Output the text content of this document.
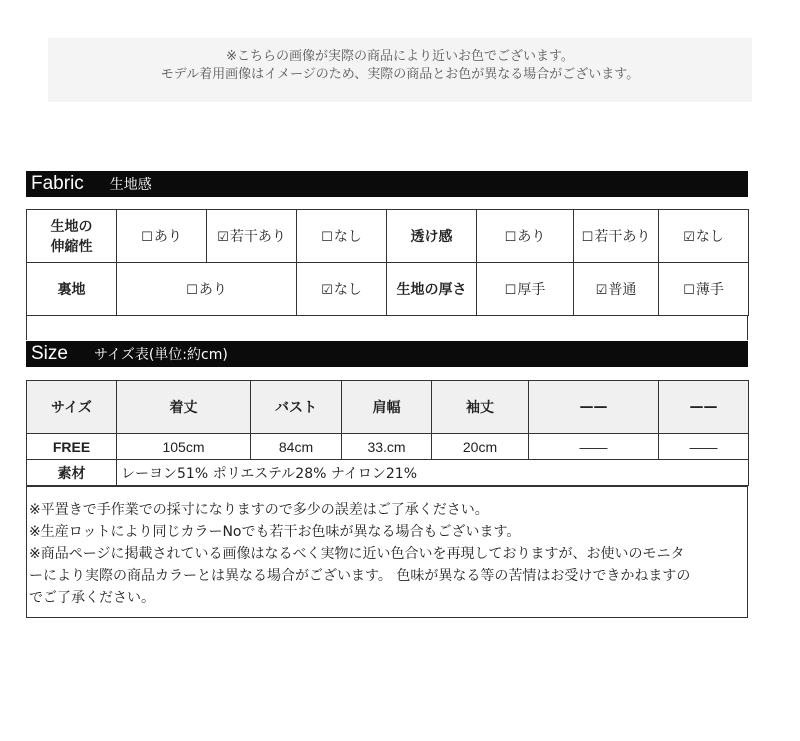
※こちらの画像が実際の商品により近いお色でございます。
モデル着用画像はイメージのため、実際の商品とお色が異なる場合がございます。
Fabric 生地感
生地の
伸縮性	☐あり	☑若干あり	☐なし	透け感	☐あり	☐若干あり	☑なし
裏地	☐あり		☑なし	生地の厚さ	☐厚手	☑普通	☐薄手
Size サイズ表(単位:約cm)
サイズ	着丈	バスト	肩幅	袖丈	——	——
FREE	105cm	84cm	33.cm	20cm	——	——
素材	レーヨン51% ポリエステル28% ナイロン21%					
※平置きで手作業での採寸になりますので多少の誤差はご了承ください。
※生産ロットにより同じカラーNoでも若干お色味が異なる場合もございます。
※商品ページに掲載されている画像はなるべく実物に近い色合いを再現しておりますが、お使いのモニタ
ーにより実際の商品カラーとは異なる場合がございます。 色味が異なる等の苦情はお受けできかねますの
でご了承ください。
